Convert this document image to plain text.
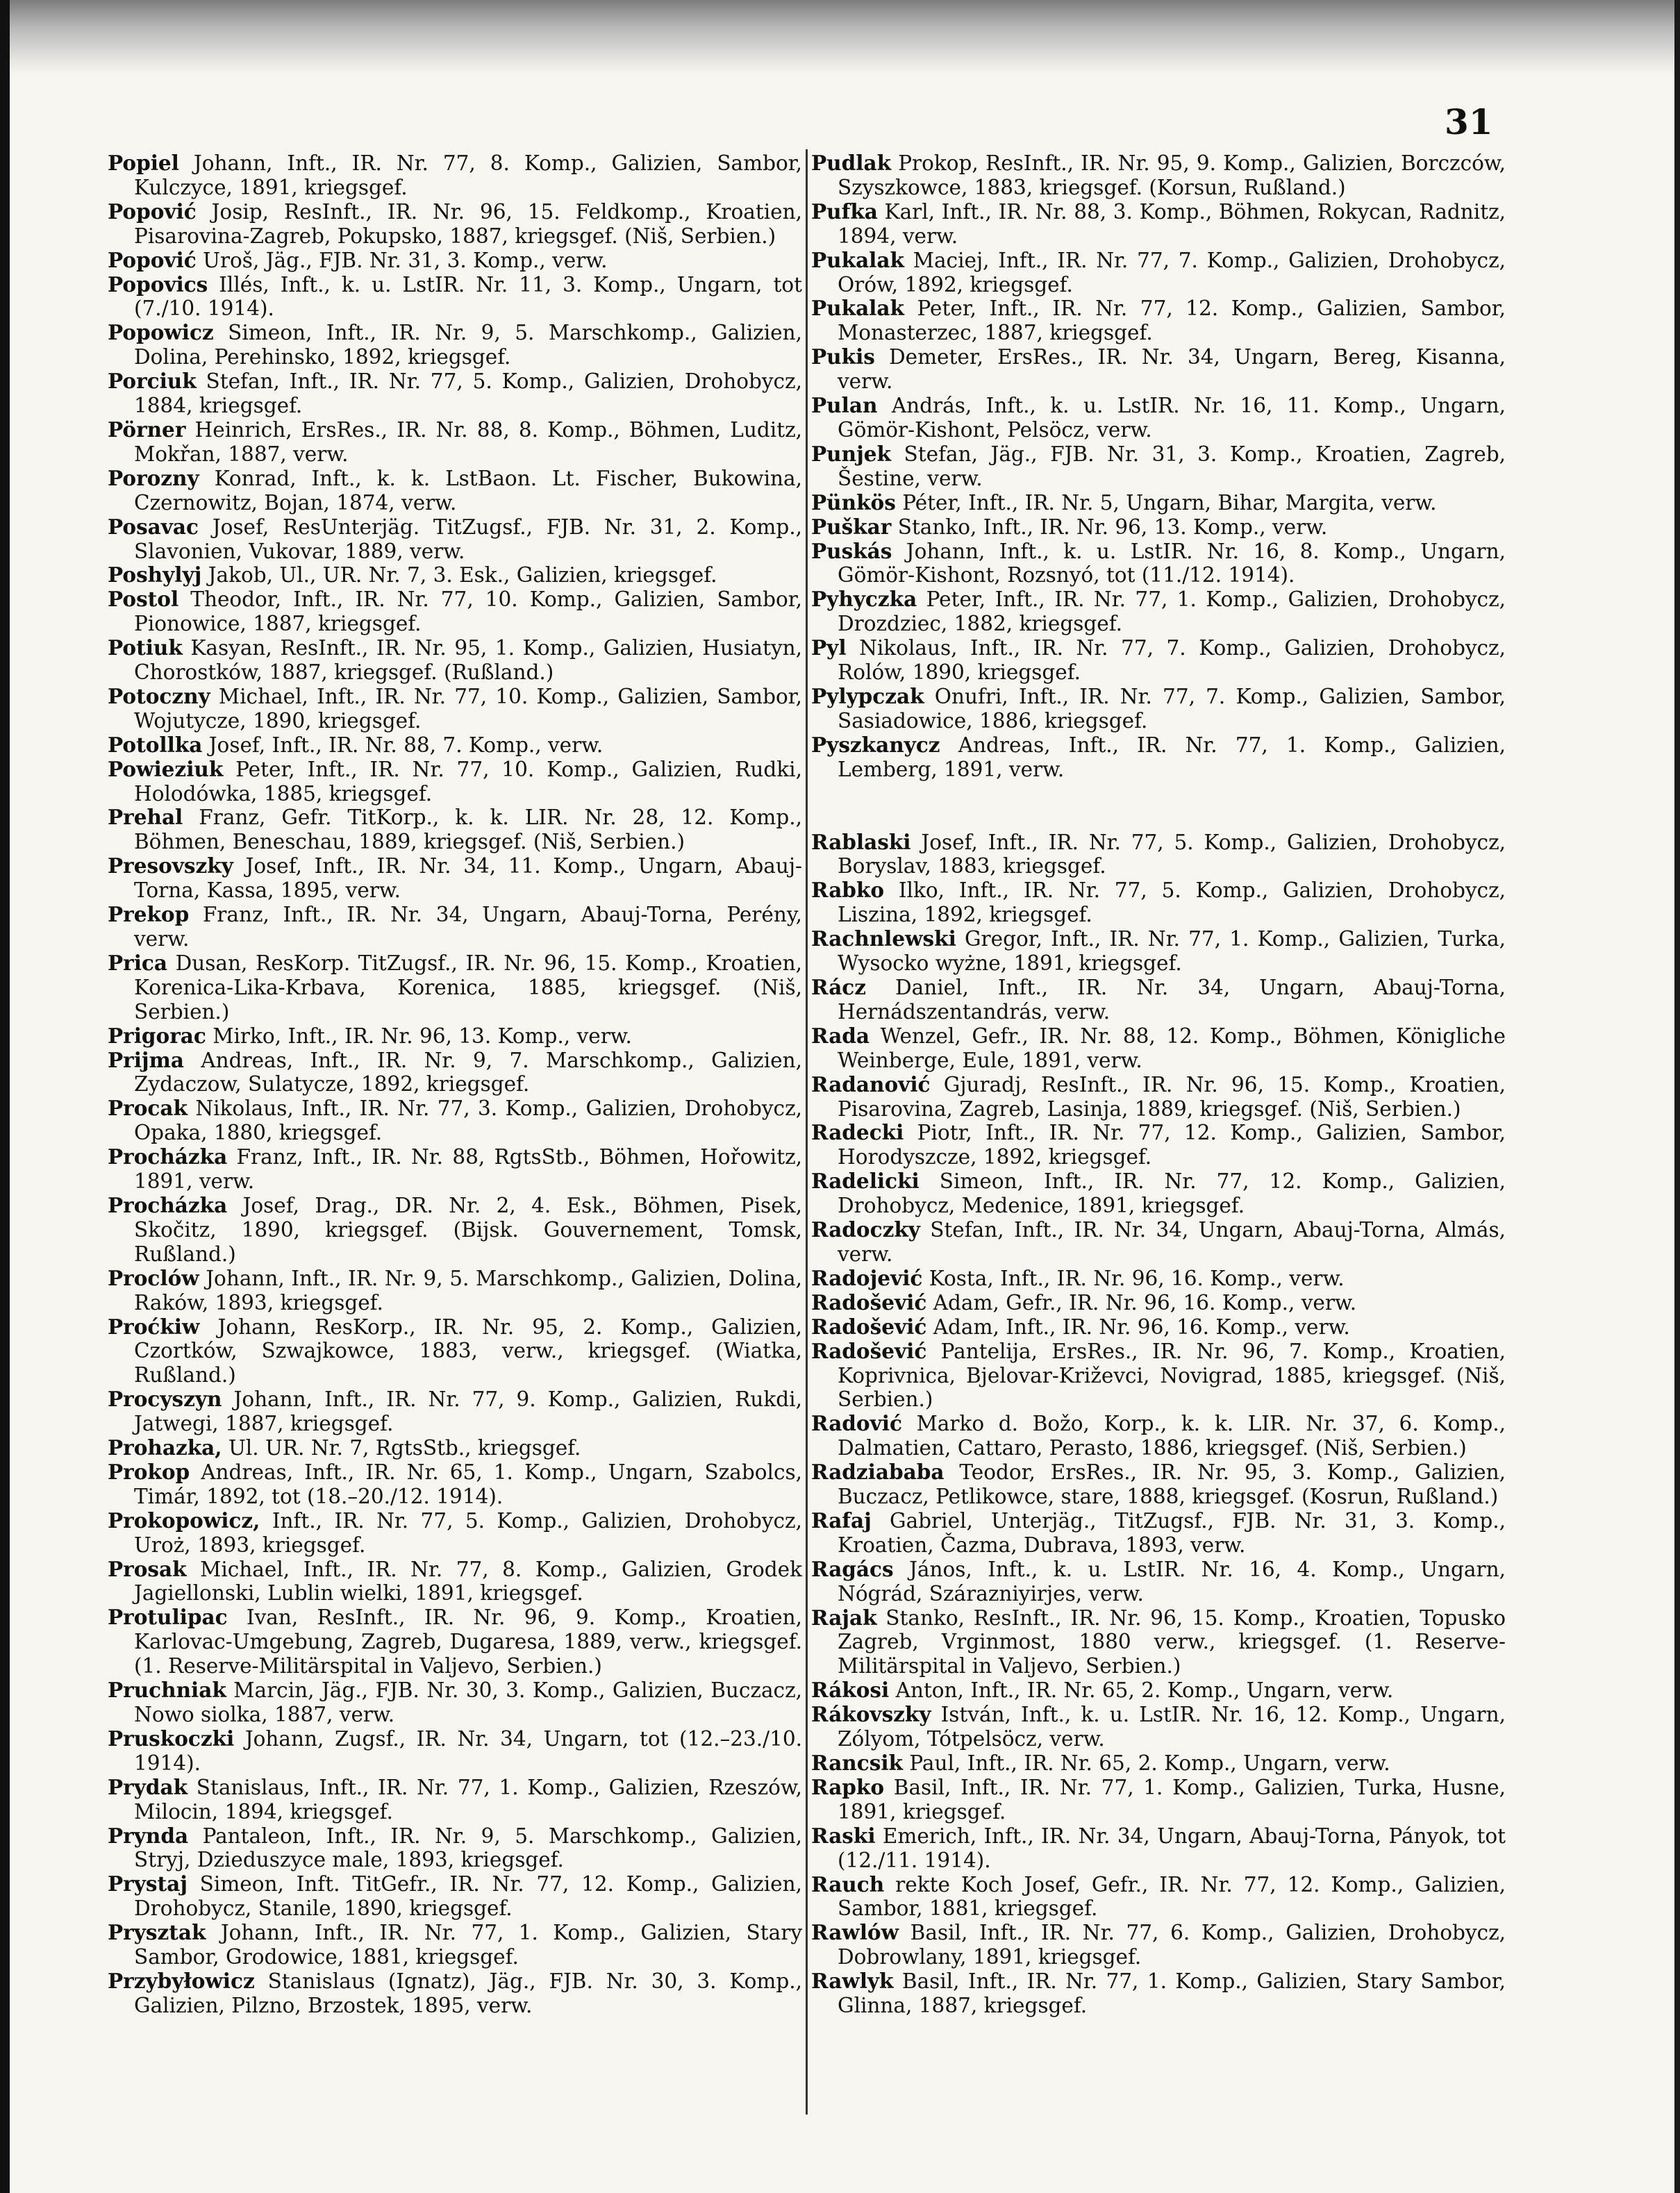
31

Popiel Johann, Inft., IR. Nr. 77, 8. Komp., Galizien, Sambor, Kulczyce, 1891, kriegsgef.

Popović Josip, ResInft., IR. Nr. 96, 15. Feldkomp., Kroatien, Pisarovina-Zagreb, Pokupsko, 1887, kriegsgef. (Niš, Serbien.)

Popović Uroš, Jäg., FJB. Nr. 31, 3. Komp., verw.

Popovics Illés, Inft., k. u. LstIR. Nr. 11, 3. Komp., Ungarn, tot (7./10. 1914).

Popowicz Simeon, Inft., IR. Nr. 9, 5. Marschkomp., Galizien, Dolina, Perehinsko, 1892, kriegsgef.

Porciuk Stefan, Inft., IR. Nr. 77, 5. Komp., Galizien, Drohobycz, 1884, kriegsgef.

Pörner Heinrich, ErsRes., IR. Nr. 88, 8. Komp., Böhmen, Luditz, Mokřan, 1887, verw.

Porozny Konrad, Inft., k. k. LstBaon. Lt. Fischer, Bukowina, Czernowitz, Bojan, 1874, verw.

Posavac Josef, ResUnterjäg. TitZugsf., FJB. Nr. 31, 2. Komp., Slavonien, Vukovar, 1889, verw.

Poshylyj Jakob, Ul., UR. Nr. 7, 3. Esk., Galizien, kriegsgef.

Postol Theodor, Inft., IR. Nr. 77, 10. Komp., Galizien, Sambor, Pionowice, 1887, kriegsgef.

Potiuk Kasyan, ResInft., IR. Nr. 95, 1. Komp., Galizien, Husiatyn, Chorostków, 1887, kriegsgef. (Rußland.)

Potoczny Michael, Inft., IR. Nr. 77, 10. Komp., Galizien, Sambor, Wojutycze, 1890, kriegsgef.

Potollka Josef, Inft., IR. Nr. 88, 7. Komp., verw.

Powieziuk Peter, Inft., IR. Nr. 77, 10. Komp., Galizien, Rudki, Holodówka, 1885, kriegsgef.

Prehal Franz, Gefr. TitKorp., k. k. LIR. Nr. 28, 12. Komp., Böhmen, Beneschau, 1889, kriegsgef. (Niš, Serbien.)

Presovszky Josef, Inft., IR. Nr. 34, 11. Komp., Ungarn, Abauj-Torna, Kassa, 1895, verw.

Prekop Franz, Inft., IR. Nr. 34, Ungarn, Abauj-Torna, Perény, verw.

Prica Dusan, ResKorp. TitZugsf., IR. Nr. 96, 15. Komp., Kroatien, Korenica-Lika-Krbava, Korenica, 1885, kriegsgef. (Niš, Serbien.)

Prigorac Mirko, Inft., IR. Nr. 96, 13. Komp., verw.

Prijma Andreas, Inft., IR. Nr. 9, 7. Marschkomp., Galizien, Zydaczow, Sulatycze, 1892, kriegsgef.

Procak Nikolaus, Inft., IR. Nr. 77, 3. Komp., Galizien, Drohobycz, Opaka, 1880, kriegsgef.

Procházka Franz, Inft., IR. Nr. 88, RgtsStb., Böhmen, Hořowitz, 1891, verw.

Procházka Josef, Drag., DR. Nr. 2, 4. Esk., Böhmen, Pisek, Skočitz, 1890, kriegsgef. (Bijsk. Gouvernement, Tomsk, Rußland.)

Proclów Johann, Inft., IR. Nr. 9, 5. Marschkomp., Galizien, Dolina, Raków, 1893, kriegsgef.

Proćkiw Johann, ResKorp., IR. Nr. 95, 2. Komp., Galizien, Czortków, Szwajkowce, 1883, verw., kriegsgef. (Wiatka, Rußland.)

Procyszyn Johann, Inft., IR. Nr. 77, 9. Komp., Galizien, Rukdi, Jatwegi, 1887, kriegsgef.

Prohazka, Ul. UR. Nr. 7, RgtsStb., kriegsgef.

Prokop Andreas, Inft., IR. Nr. 65, 1. Komp., Ungarn, Szabolcs, Timár, 1892, tot (18.–20./12. 1914).

Prokopowicz, Inft., IR. Nr. 77, 5. Komp., Galizien, Drohobycz, Uroż, 1893, kriegsgef.

Prosak Michael, Inft., IR. Nr. 77, 8. Komp., Galizien, Grodek Jagiellonski, Lublin wielki, 1891, kriegsgef.

Protulipac Ivan, ResInft., IR. Nr. 96, 9. Komp., Kroatien, Karlovac-Umgebung, Zagreb, Dugaresa, 1889, verw., kriegsgef. (1. Reserve-Militärspital in Valjevo, Serbien.)

Pruchniak Marcin, Jäg., FJB. Nr. 30, 3. Komp., Galizien, Buczacz, Nowo siolka, 1887, verw.

Pruskoczki Johann, Zugsf., IR. Nr. 34, Ungarn, tot (12.–23./10. 1914).

Prydak Stanislaus, Inft., IR. Nr. 77, 1. Komp., Galizien, Rzeszów, Milocin, 1894, kriegsgef.

Prynda Pantaleon, Inft., IR. Nr. 9, 5. Marschkomp., Galizien, Stryj, Dzieduszyce male, 1893, kriegsgef.

Prystaj Simeon, Inft. TitGefr., IR. Nr. 77, 12. Komp., Galizien, Drohobycz, Stanile, 1890, kriegsgef.

Prysztak Johann, Inft., IR. Nr. 77, 1. Komp., Galizien, Stary Sambor, Grodowice, 1881, kriegsgef.

Przybyłowicz Stanislaus (Ignatz), Jäg., FJB. Nr. 30, 3. Komp., Galizien, Pilzno, Brzostek, 1895, verw.

Pudlak Prokop, ResInft., IR. Nr. 95, 9. Komp., Galizien, Borczców, Szyszkowce, 1883, kriegsgef. (Korsun, Rußland.)

Pufka Karl, Inft., IR. Nr. 88, 3. Komp., Böhmen, Rokycan, Radnitz, 1894, verw.

Pukalak Maciej, Inft., IR. Nr. 77, 7. Komp., Galizien, Drohobycz, Orów, 1892, kriegsgef.

Pukalak Peter, Inft., IR. Nr. 77, 12. Komp., Galizien, Sambor, Monasterzec, 1887, kriegsgef.

Pukis Demeter, ErsRes., IR. Nr. 34, Ungarn, Bereg, Kisanna, verw.

Pulan András, Inft., k. u. LstIR. Nr. 16, 11. Komp., Ungarn, Gömör-Kishont, Pelsöcz, verw.

Punjek Stefan, Jäg., FJB. Nr. 31, 3. Komp., Kroatien, Zagreb, Šestine, verw.

Pünkös Péter, Inft., IR. Nr. 5, Ungarn, Bihar, Margita, verw.

Puškar Stanko, Inft., IR. Nr. 96, 13. Komp., verw.

Puskás Johann, Inft., k. u. LstIR. Nr. 16, 8. Komp., Ungarn, Gömör-Kishont, Rozsnyó, tot (11./12. 1914).

Pyhyczka Peter, Inft., IR. Nr. 77, 1. Komp., Galizien, Drohobycz, Drozdziec, 1882, kriegsgef.

Pyl Nikolaus, Inft., IR. Nr. 77, 7. Komp., Galizien, Drohobycz, Rolów, 1890, kriegsgef.

Pylypczak Onufri, Inft., IR. Nr. 77, 7. Komp., Galizien, Sambor, Sasiadowice, 1886, kriegsgef.

Pyszkanycz Andreas, Inft., IR. Nr. 77, 1. Komp., Galizien, Lemberg, 1891, verw.

Rablaski Josef, Inft., IR. Nr. 77, 5. Komp., Galizien, Drohobycz, Boryslav, 1883, kriegsgef.

Rabko Ilko, Inft., IR. Nr. 77, 5. Komp., Galizien, Drohobycz, Liszina, 1892, kriegsgef.

Rachnlewski Gregor, Inft., IR. Nr. 77, 1. Komp., Galizien, Turka, Wysocko wyżne, 1891, kriegsgef.

Rácz Daniel, Inft., IR. Nr. 34, Ungarn, Abauj-Torna, Hernádszentandrás, verw.

Rada Wenzel, Gefr., IR. Nr. 88, 12. Komp., Böhmen, Königliche Weinberge, Eule, 1891, verw.

Radanović Gjuradj, ResInft., IR. Nr. 96, 15. Komp., Kroatien, Pisarovina, Zagreb, Lasinja, 1889, kriegsgef. (Niš, Serbien.)

Radecki Piotr, Inft., IR. Nr. 77, 12. Komp., Galizien, Sambor, Horodyszcze, 1892, kriegsgef.

Radelicki Simeon, Inft., IR. Nr. 77, 12. Komp., Galizien, Drohobycz, Medenice, 1891, kriegsgef.

Radoczky Stefan, Inft., IR. Nr. 34, Ungarn, Abauj-Torna, Almás, verw.

Radojević Kosta, Inft., IR. Nr. 96, 16. Komp., verw.

Radošević Adam, Gefr., IR. Nr. 96, 16. Komp., verw.

Radošević Adam, Inft., IR. Nr. 96, 16. Komp., verw.

Radošević Pantelija, ErsRes., IR. Nr. 96, 7. Komp., Kroatien, Koprivnica, Bjelovar-Križevci, Novigrad, 1885, kriegsgef. (Niš, Serbien.)

Radović Marko d. Božo, Korp., k. k. LIR. Nr. 37, 6. Komp., Dalmatien, Cattaro, Perasto, 1886, kriegsgef. (Niš, Serbien.)

Radziababa Teodor, ErsRes., IR. Nr. 95, 3. Komp., Galizien, Buczacz, Petlikowce, stare, 1888, kriegsgef. (Kosrun, Rußland.)

Rafaj Gabriel, Unterjäg., TitZugsf., FJB. Nr. 31, 3. Komp., Kroatien, Čazma, Dubrava, 1893, verw.

Ragács János, Inft., k. u. LstIR. Nr. 16, 4. Komp., Ungarn, Nógrád, Szárazniyirjes, verw.

Rajak Stanko, ResInft., IR. Nr. 96, 15. Komp., Kroatien, Topusko Zagreb, Vrginmost, 1880 verw., kriegsgef. (1. Reserve-Militärspital in Valjevo, Serbien.)

Rákosi Anton, Inft., IR. Nr. 65, 2. Komp., Ungarn, verw.

Rákovszky István, Inft., k. u. LstIR. Nr. 16, 12. Komp., Ungarn, Zólyom, Tótpelsöcz, verw.

Rancsik Paul, Inft., IR. Nr. 65, 2. Komp., Ungarn, verw.

Rapko Basil, Inft., IR. Nr. 77, 1. Komp., Galizien, Turka, Husne, 1891, kriegsgef.

Raski Emerich, Inft., IR. Nr. 34, Ungarn, Abauj-Torna, Pányok, tot (12./11. 1914).

Rauch rekte Koch Josef, Gefr., IR. Nr. 77, 12. Komp., Galizien, Sambor, 1881, kriegsgef.

Rawlów Basil, Inft., IR. Nr. 77, 6. Komp., Galizien, Drohobycz, Dobrowlany, 1891, kriegsgef.

Rawlyk Basil, Inft., IR. Nr. 77, 1. Komp., Galizien, Stary Sambor, Glinna, 1887, kriegsgef.
